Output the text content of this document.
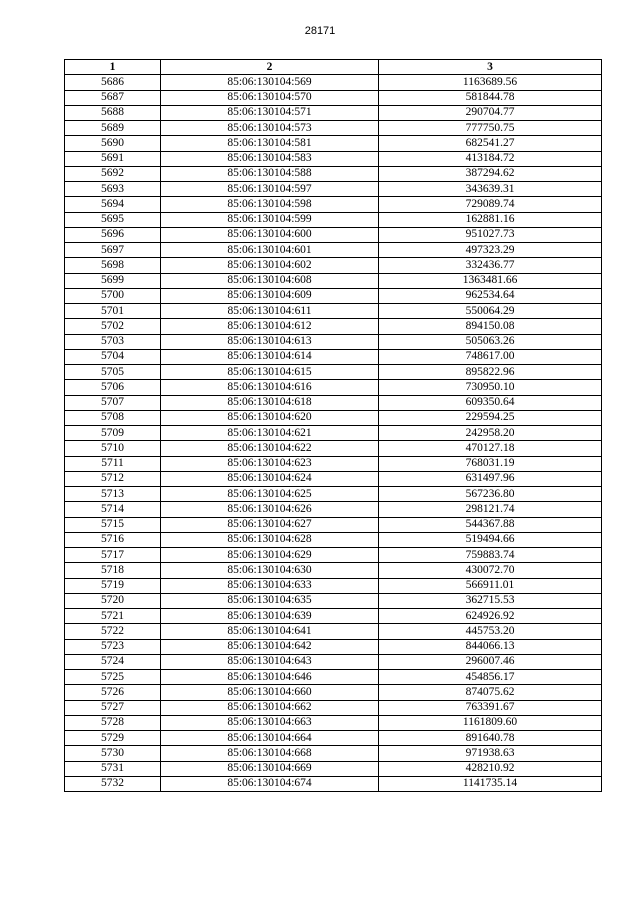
28171
1	2	3
5686	85:06:130104:569	1163689.56
5687	85:06:130104:570	581844.78
5688	85:06:130104:571	290704.77
5689	85:06:130104:573	777750.75
5690	85:06:130104:581	682541.27
5691	85:06:130104:583	413184.72
5692	85:06:130104:588	387294.62
5693	85:06:130104:597	343639.31
5694	85:06:130104:598	729089.74
5695	85:06:130104:599	162881.16
5696	85:06:130104:600	951027.73
5697	85:06:130104:601	497323.29
5698	85:06:130104:602	332436.77
5699	85:06:130104:608	1363481.66
5700	85:06:130104:609	962534.64
5701	85:06:130104:611	550064.29
5702	85:06:130104:612	894150.08
5703	85:06:130104:613	505063.26
5704	85:06:130104:614	748617.00
5705	85:06:130104:615	895822.96
5706	85:06:130104:616	730950.10
5707	85:06:130104:618	609350.64
5708	85:06:130104:620	229594.25
5709	85:06:130104:621	242958.20
5710	85:06:130104:622	470127.18
5711	85:06:130104:623	768031.19
5712	85:06:130104:624	631497.96
5713	85:06:130104:625	567236.80
5714	85:06:130104:626	298121.74
5715	85:06:130104:627	544367.88
5716	85:06:130104:628	519494.66
5717	85:06:130104:629	759883.74
5718	85:06:130104:630	430072.70
5719	85:06:130104:633	566911.01
5720	85:06:130104:635	362715.53
5721	85:06:130104:639	624926.92
5722	85:06:130104:641	445753.20
5723	85:06:130104:642	844066.13
5724	85:06:130104:643	296007.46
5725	85:06:130104:646	454856.17
5726	85:06:130104:660	874075.62
5727	85:06:130104:662	763391.67
5728	85:06:130104:663	1161809.60
5729	85:06:130104:664	891640.78
5730	85:06:130104:668	971938.63
5731	85:06:130104:669	428210.92
5732	85:06:130104:674	1141735.14
